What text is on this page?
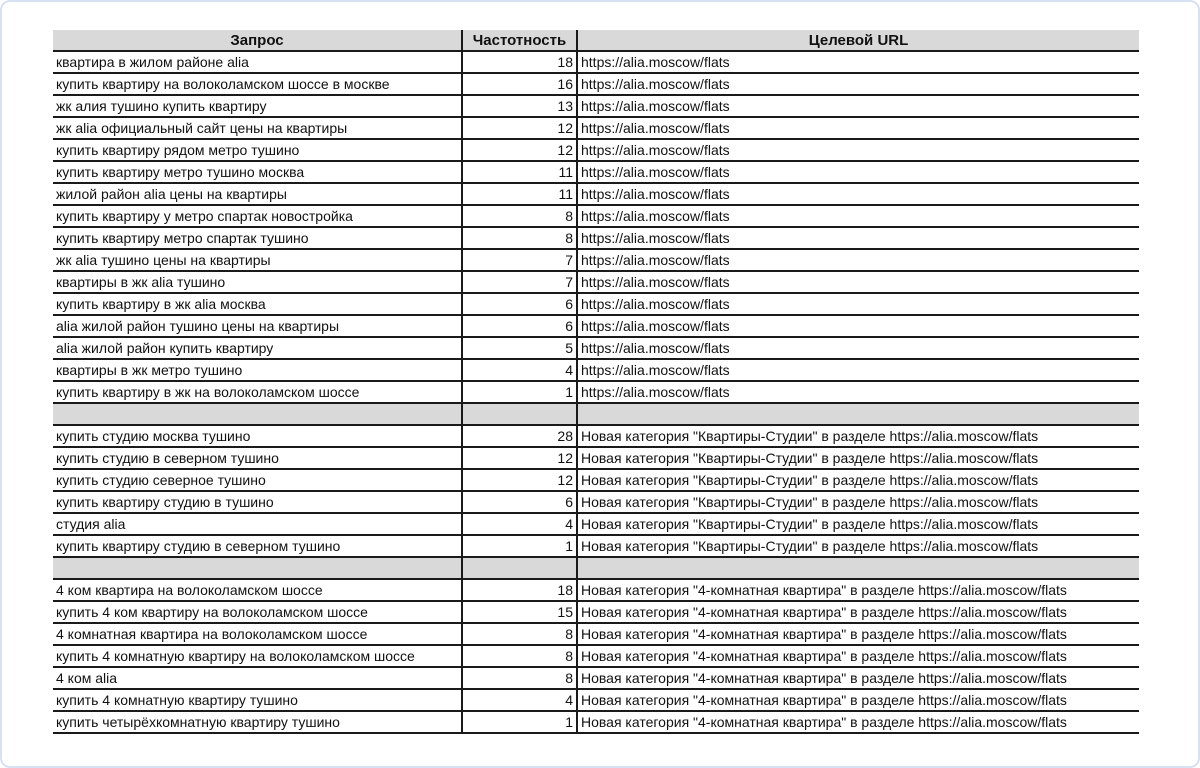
Запрос	Частотность	Целевой URL
квартира в жилом районе alia	18	https://alia.moscow/flats
купить квартиру на волоколамском шоссе в москве	16	https://alia.moscow/flats
жк алия тушино купить квартиру	13	https://alia.moscow/flats
жк alia официальный сайт цены на квартиры	12	https://alia.moscow/flats
купить квартиру рядом метро тушино	12	https://alia.moscow/flats
купить квартиру метро тушино москва	11	https://alia.moscow/flats
жилой район alia цены на квартиры	11	https://alia.moscow/flats
купить квартиру у метро спартак новостройка	8	https://alia.moscow/flats
купить квартиру метро спартак тушино	8	https://alia.moscow/flats
жк alia тушино цены на квартиры	7	https://alia.moscow/flats
квартиры в жк alia тушино	7	https://alia.moscow/flats
купить квартиру в жк alia москва	6	https://alia.moscow/flats
alia жилой район тушино цены на квартиры	6	https://alia.moscow/flats
alia жилой район купить квартиру	5	https://alia.moscow/flats
квартиры в жк метро тушино	4	https://alia.moscow/flats
купить квартиру в жк на волоколамском шоссе	1	https://alia.moscow/flats

купить студию москва тушино	28	Новая категория "Квартиры-Студии" в разделе https://alia.moscow/flats
купить студию в северном тушино	12	Новая категория "Квартиры-Студии" в разделе https://alia.moscow/flats
купить студию северное тушино	12	Новая категория "Квартиры-Студии" в разделе https://alia.moscow/flats
купить квартиру студию в тушино	6	Новая категория "Квартиры-Студии" в разделе https://alia.moscow/flats
студия alia	4	Новая категория "Квартиры-Студии" в разделе https://alia.moscow/flats
купить квартиру студию в северном тушино	1	Новая категория "Квартиры-Студии" в разделе https://alia.moscow/flats

4 ком квартира на волоколамском шоссе	18	Новая категория "4-комнатная квартира" в разделе https://alia.moscow/flats
купить 4 ком квартиру на волоколамском шоссе	15	Новая категория "4-комнатная квартира" в разделе https://alia.moscow/flats
4 комнатная квартира на волоколамском шоссе	8	Новая категория "4-комнатная квартира" в разделе https://alia.moscow/flats
купить 4 комнатную квартиру на волоколамском шоссе	8	Новая категория "4-комнатная квартира" в разделе https://alia.moscow/flats
4 ком alia	8	Новая категория "4-комнатная квартира" в разделе https://alia.moscow/flats
купить 4 комнатную квартиру тушино	4	Новая категория "4-комнатная квартира" в разделе https://alia.moscow/flats
купить четырёхкомнатную квартиру тушино	1	Новая категория "4-комнатная квартира" в разделе https://alia.moscow/flats
